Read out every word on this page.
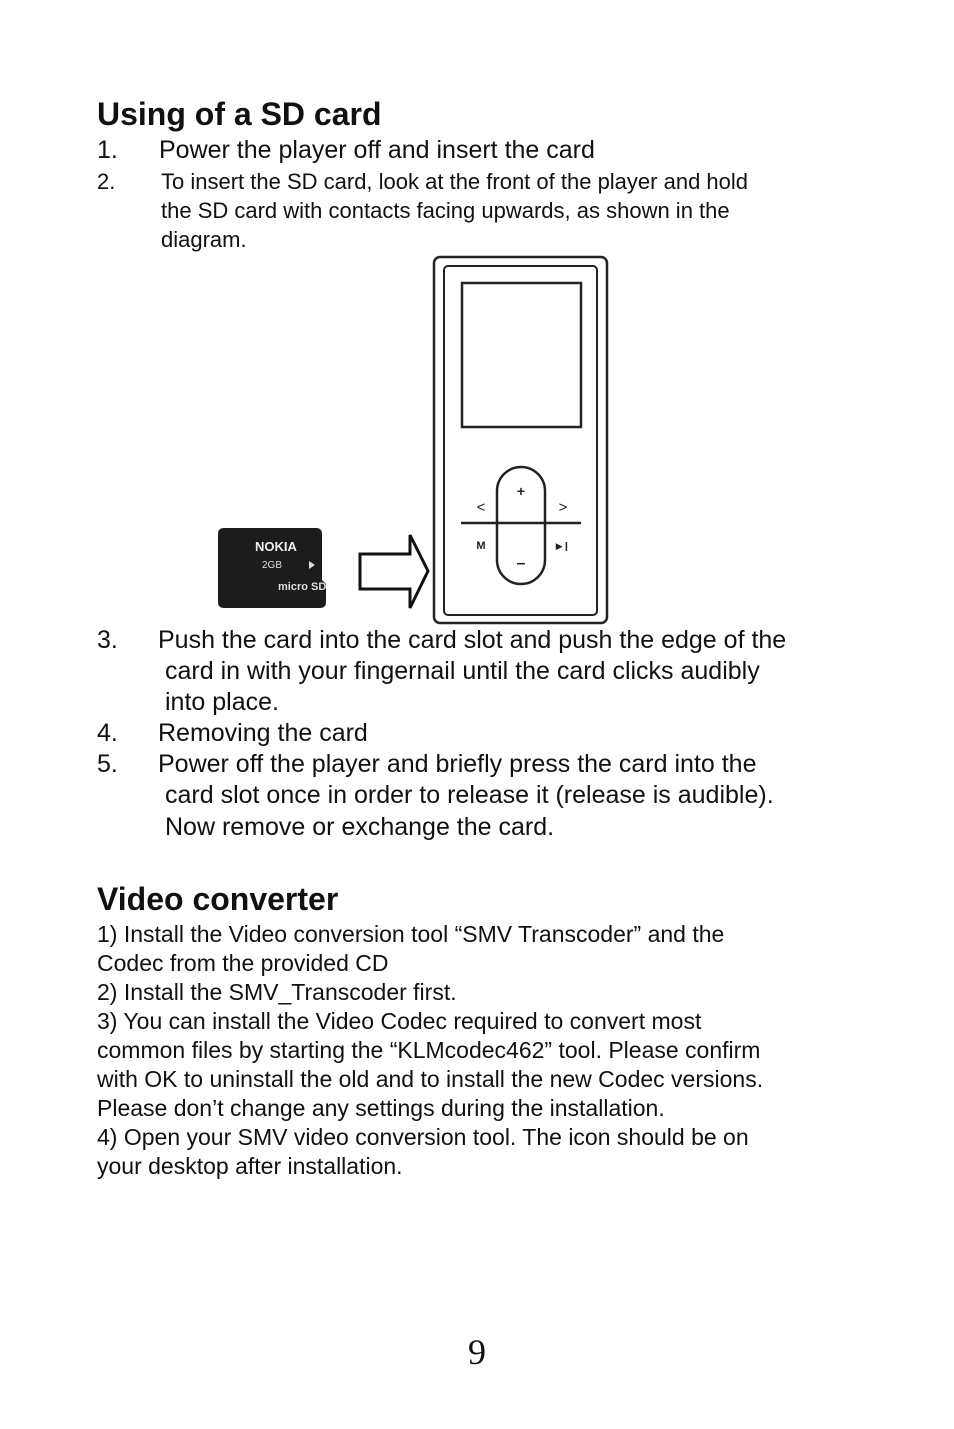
Using of a SD card
1. Power the player off and insert the card
2. To insert the SD card, look at the front of the player and hold
the SD card with contacts facing upwards, as shown in the
diagram.
NOKIA
2GB
micro SD
+
–
<	>
M	▶❙
3. Push the card into the card slot and push the edge of the
card in with your fingernail until the card clicks audibly
into place.
4. Removing the card
5. Power off the player and briefly press the card into the
card slot once in order to release it (release is audible).
Now remove or exchange the card.
Video converter
1) Install the Video conversion tool “SMV Transcoder” and the
Codec from the provided CD
2) Install the SMV_Transcoder first.
3) You can install the Video Codec required to convert most
common files by starting the “KLMcodec462” tool. Please confirm
with OK to uninstall the old and to install the new Codec versions.
Please don’t change any settings during the installation.
4) Open your SMV video conversion tool. The icon should be on
your desktop after installation.
9
